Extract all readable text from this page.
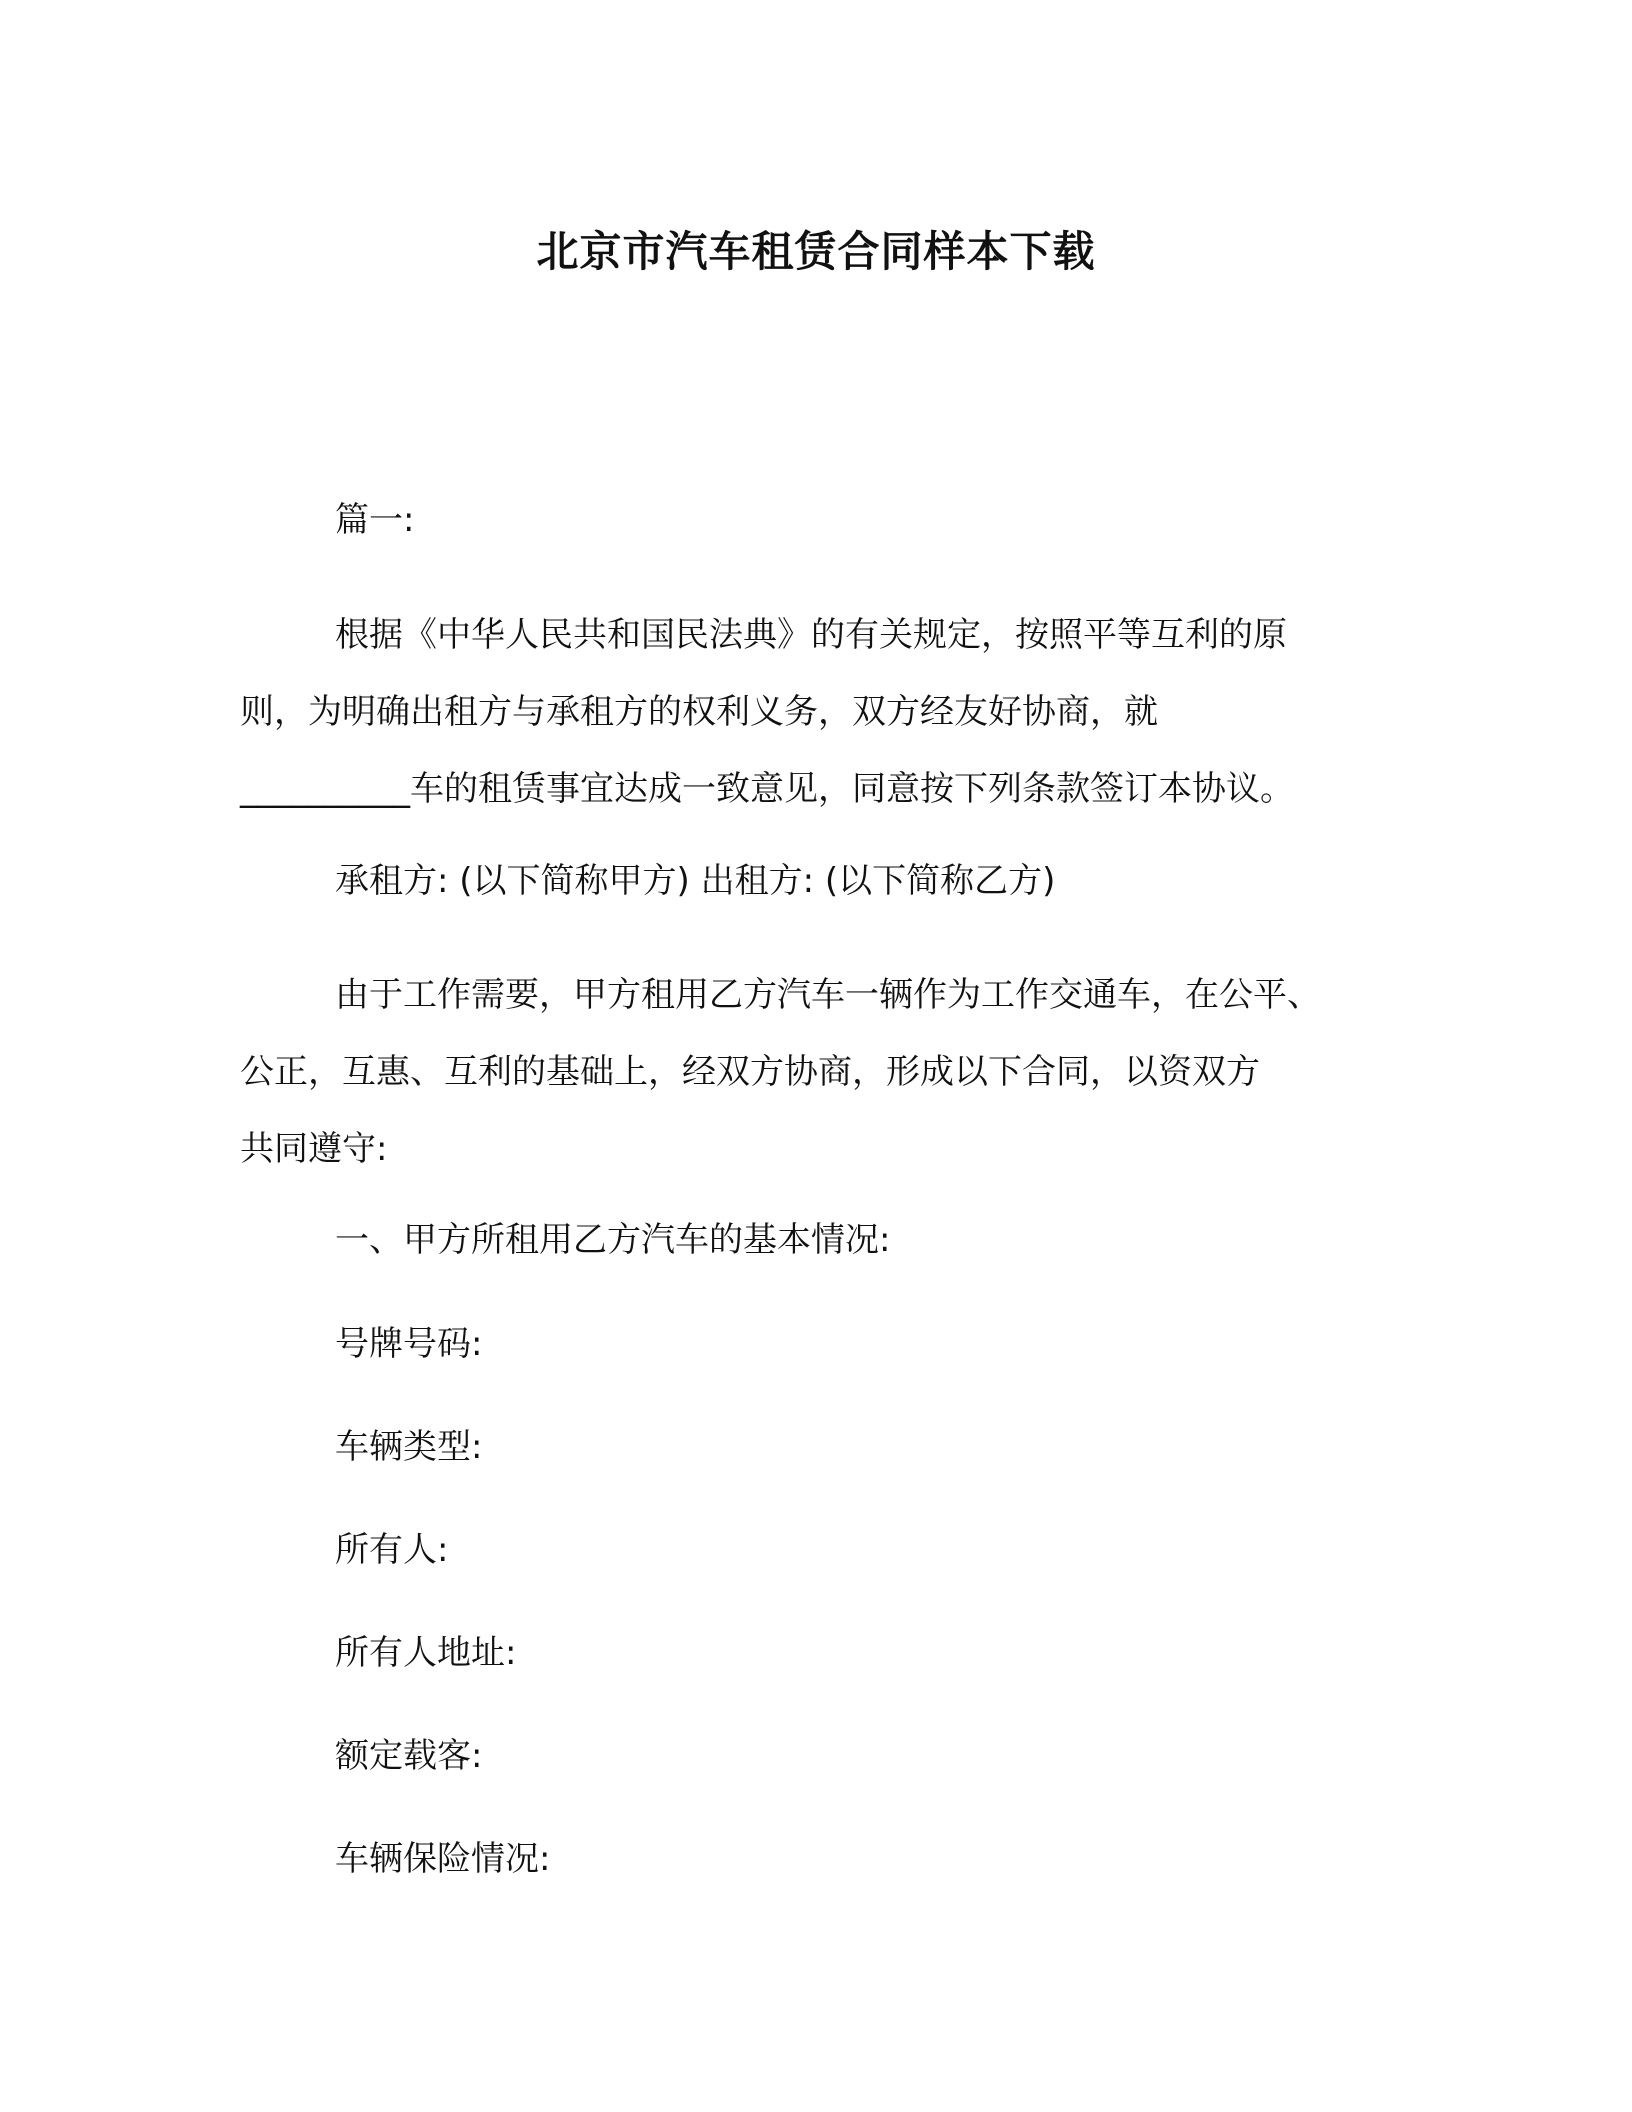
北京市汽车租赁合同样本下载

篇一:

根据《中华人民共和国民法典》的有关规定，按照平等互利的原
则，为明确出租方与承租方的权利义务，双方经友好协商，就
__________车的租赁事宜达成一致意见，同意按下列条款签订本协议。

承租方: (以下简称甲方) 出租方: (以下简称乙方)

由于工作需要，甲方租用乙方汽车一辆作为工作交通车，在公平、
公正，互惠、互利的基础上，经双方协商，形成以下合同，以资双方
共同遵守:

一、甲方所租用乙方汽车的基本情况:

号牌号码:

车辆类型:

所有人:

所有人地址:

额定载客:

车辆保险情况:
